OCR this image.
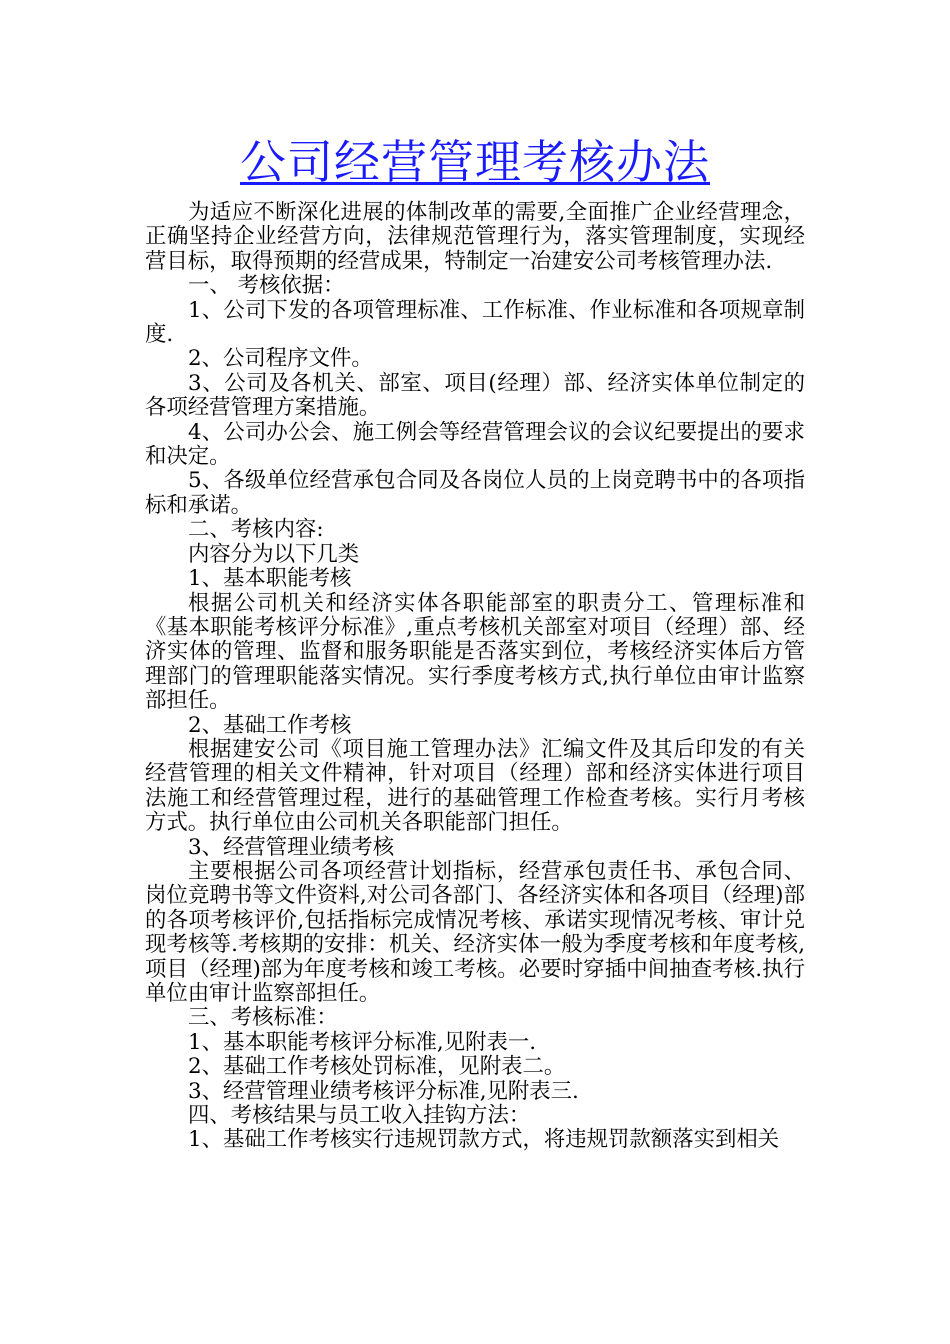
公司经营管理考核办法

为适应不断深化进展的体制改革的需要,全面推广企业经营理念，正确坚持企业经营方向，法律规范管理行为，落实管理制度，实现经营目标，取得预期的经营成果，特制定一冶建安公司考核管理办法.

一、 考核依据：

1、公司下发的各项管理标准、工作标准、作业标准和各项规章制度.

2、公司程序文件。

3、公司及各机关、部室、项目(经理）部、经济实体单位制定的各项经营管理方案措施。

4、公司办公会、施工例会等经营管理会议的会议纪要提出的要求和决定。

5、各级单位经营承包合同及各岗位人员的上岗竞聘书中的各项指标和承诺。

二、考核内容:

内容分为以下几类

1、基本职能考核

根据公司机关和经济实体各职能部室的职责分工、管理标准和《基本职能考核评分标准》,重点考核机关部室对项目（经理）部、经济实体的管理、监督和服务职能是否落实到位，考核经济实体后方管理部门的管理职能落实情况。实行季度考核方式,执行单位由审计监察部担任。

2、基础工作考核

根据建安公司《项目施工管理办法》汇编文件及其后印发的有关经营管理的相关文件精神，针对项目（经理）部和经济实体进行项目法施工和经营管理过程，进行的基础管理工作检查考核。实行月考核方式。执行单位由公司机关各职能部门担任。

3、经营管理业绩考核

主要根据公司各项经营计划指标，经营承包责任书、承包合同、岗位竞聘书等文件资料,对公司各部门、各经济实体和各项目（经理)部的各项考核评价,包括指标完成情况考核、承诺实现情况考核、审计兑现考核等.考核期的安排：机关、经济实体一般为季度考核和年度考核,项目（经理)部为年度考核和竣工考核。必要时穿插中间抽查考核.执行单位由审计监察部担任。

三、考核标准：

1、基本职能考核评分标准,见附表一.

2、基础工作考核处罚标准，见附表二。

3、经营管理业绩考核评分标准,见附表三.

四、考核结果与员工收入挂钩方法：

1、基础工作考核实行违规罚款方式，将违规罚款额落实到相关
